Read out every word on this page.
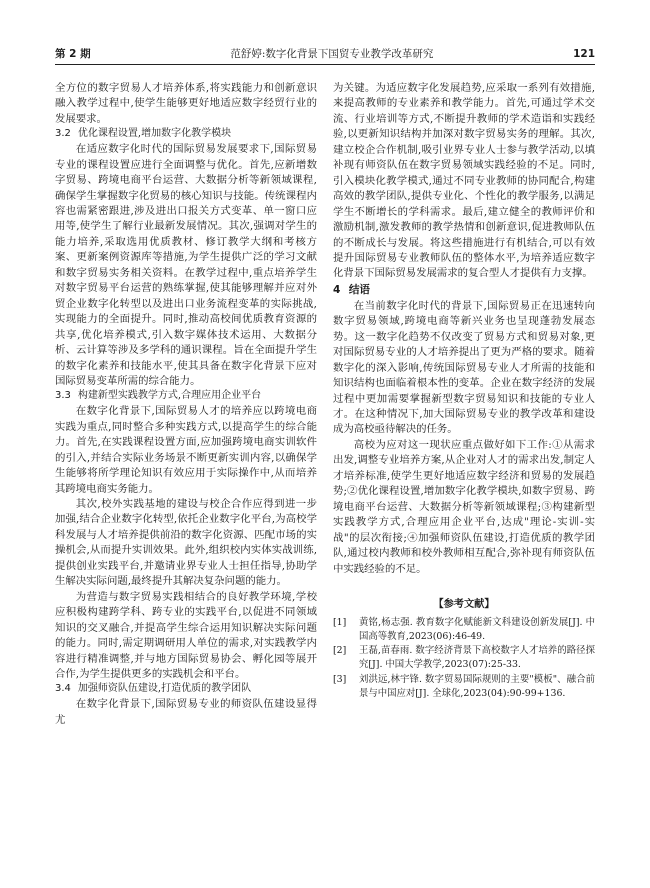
第 2 期	范舒婷:数字化背景下国贸专业教学改革研究	121

全方位的数字贸易人才培养体系,将实践能力和创新意识融入教学过程中,使学生能够更好地适应数字经贸行业的发展要求。

3.2 优化课程设置,增加数字化教学模块

在适应数字化时代的国际贸易发展要求下,国际贸易专业的课程设置应进行全面调整与优化。首先,应新增数字贸易、跨境电商平台运营、大数据分析等新领域课程,确保学生掌握数字化贸易的核心知识与技能。传统课程内容也需紧密跟进,涉及进出口报关方式变革、单一窗口应用等,使学生了解行业最新发展情况。其次,强调对学生的能力培养,采取选用优质教材、修订教学大纲和考核方案、更新案例资源库等措施,为学生提供广泛的学习文献和数字贸易实务相关资料。在教学过程中,重点培养学生对数字贸易平台运营的熟练掌握,使其能够理解并应对外贸企业数字化转型以及进出口业务流程变革的实际挑战,实现能力的全面提升。同时,推动高校间优质教育资源的共享,优化培养模式,引入数字媒体技术运用、大数据分析、云计算等涉及多学科的通识课程。旨在全面提升学生的数字化素养和技能水平,使其具备在数字化背景下应对国际贸易变革所需的综合能力。

3.3 构建新型实践教学方式,合理应用企业平台

在数字化背景下,国际贸易人才的培养应以跨境电商实践为重点,同时整合多种实践方式,以提高学生的综合能力。首先,在实践课程设置方面,应加强跨境电商实训软件的引入,并结合实际业务场景不断更新实训内容,以确保学生能够将所学理论知识有效应用于实际操作中,从而培养其跨境电商实务能力。

其次,校外实践基地的建设与校企合作应得到进一步加强,结合企业数字化转型,依托企业数字化平台,为高校学科发展与人才培养提供前沿的数字化资源、匹配市场的实操机会,从而提升实训效果。此外,组织校内实体实战训练,提供创业实践平台,并邀请业界专业人士担任指导,协助学生解决实际问题,最终提升其解决复杂问题的能力。

为营造与数字贸易实践相结合的良好教学环境,学校应积极构建跨学科、跨专业的实践平台,以促进不同领域知识的交叉融合,并提高学生综合运用知识解决实际问题的能力。同时,需定期调研用人单位的需求,对实践教学内容进行精准调整,并与地方国际贸易协会、孵化园等展开合作,为学生提供更多的实践机会和平台。

3.4 加强师资队伍建设,打造优质的教学团队

在数字化背景下,国际贸易专业的师资队伍建设显得尤

为关键。为适应数字化发展趋势,应采取一系列有效措施,来提高教师的专业素养和教学能力。首先,可通过学术交流、行业培训等方式,不断提升教师的学术造诣和实践经验,以更新知识结构并加深对数字贸易实务的理解。其次,建立校企合作机制,吸引业界专业人士参与教学活动,以填补现有师资队伍在数字贸易领域实践经验的不足。同时,引入模块化教学模式,通过不同专业教师的协同配合,构建高效的教学团队,提供专业化、个性化的教学服务,以满足学生不断增长的学科需求。最后,建立健全的教师评价和激励机制,激发教师的教学热情和创新意识,促进教师队伍的不断成长与发展。将这些措施进行有机结合,可以有效提升国际贸易专业教师队伍的整体水平,为培养适应数字化背景下国际贸易发展需求的复合型人才提供有力支撑。

4 结语

在当前数字化时代的背景下,国际贸易正在迅速转向数字贸易领域,跨境电商等新兴业务也呈现蓬勃发展态势。这一数字化趋势不仅改变了贸易方式和贸易对象,更对国际贸易专业的人才培养提出了更为严格的要求。随着数字化的深入影响,传统国际贸易专业人才所需的技能和知识结构也面临着根本性的变革。企业在数字经济的发展过程中更加需要掌握新型数字贸易知识和技能的专业人才。在这种情况下,加大国际贸易专业的教学改革和建设成为高校亟待解决的任务。

高校为应对这一现状应重点做好如下工作:①从需求出发,调整专业培养方案,从企业对人才的需求出发,制定人才培养标准,使学生更好地适应数字经济和贸易的发展趋势;②优化课程设置,增加数字化教学模块,如数字贸易、跨境电商平台运营、大数据分析等新领域课程;③构建新型实践教学方式,合理应用企业平台,达成"理论-实训-实战"的层次衔接;④加强师资队伍建设,打造优质的教学团队,通过校内教师和校外教师相互配合,弥补现有师资队伍中实践经验的不足。

【参考文献】
[1]	黄铭,杨志强. 教育数字化赋能新文科建设创新发展[J]. 中国高等教育,2023(06):46-49.
[2]	王磊,苗春雨. 数字经济背景下高校数字人才培养的路径探究[J]. 中国大学教学,2023(07):25-33.
[3]	刘洪远,林宇锋. 数字贸易国际规则的主要"模板"、融合前景与中国应对[J]. 全球化,2023(04):90-99+136.
